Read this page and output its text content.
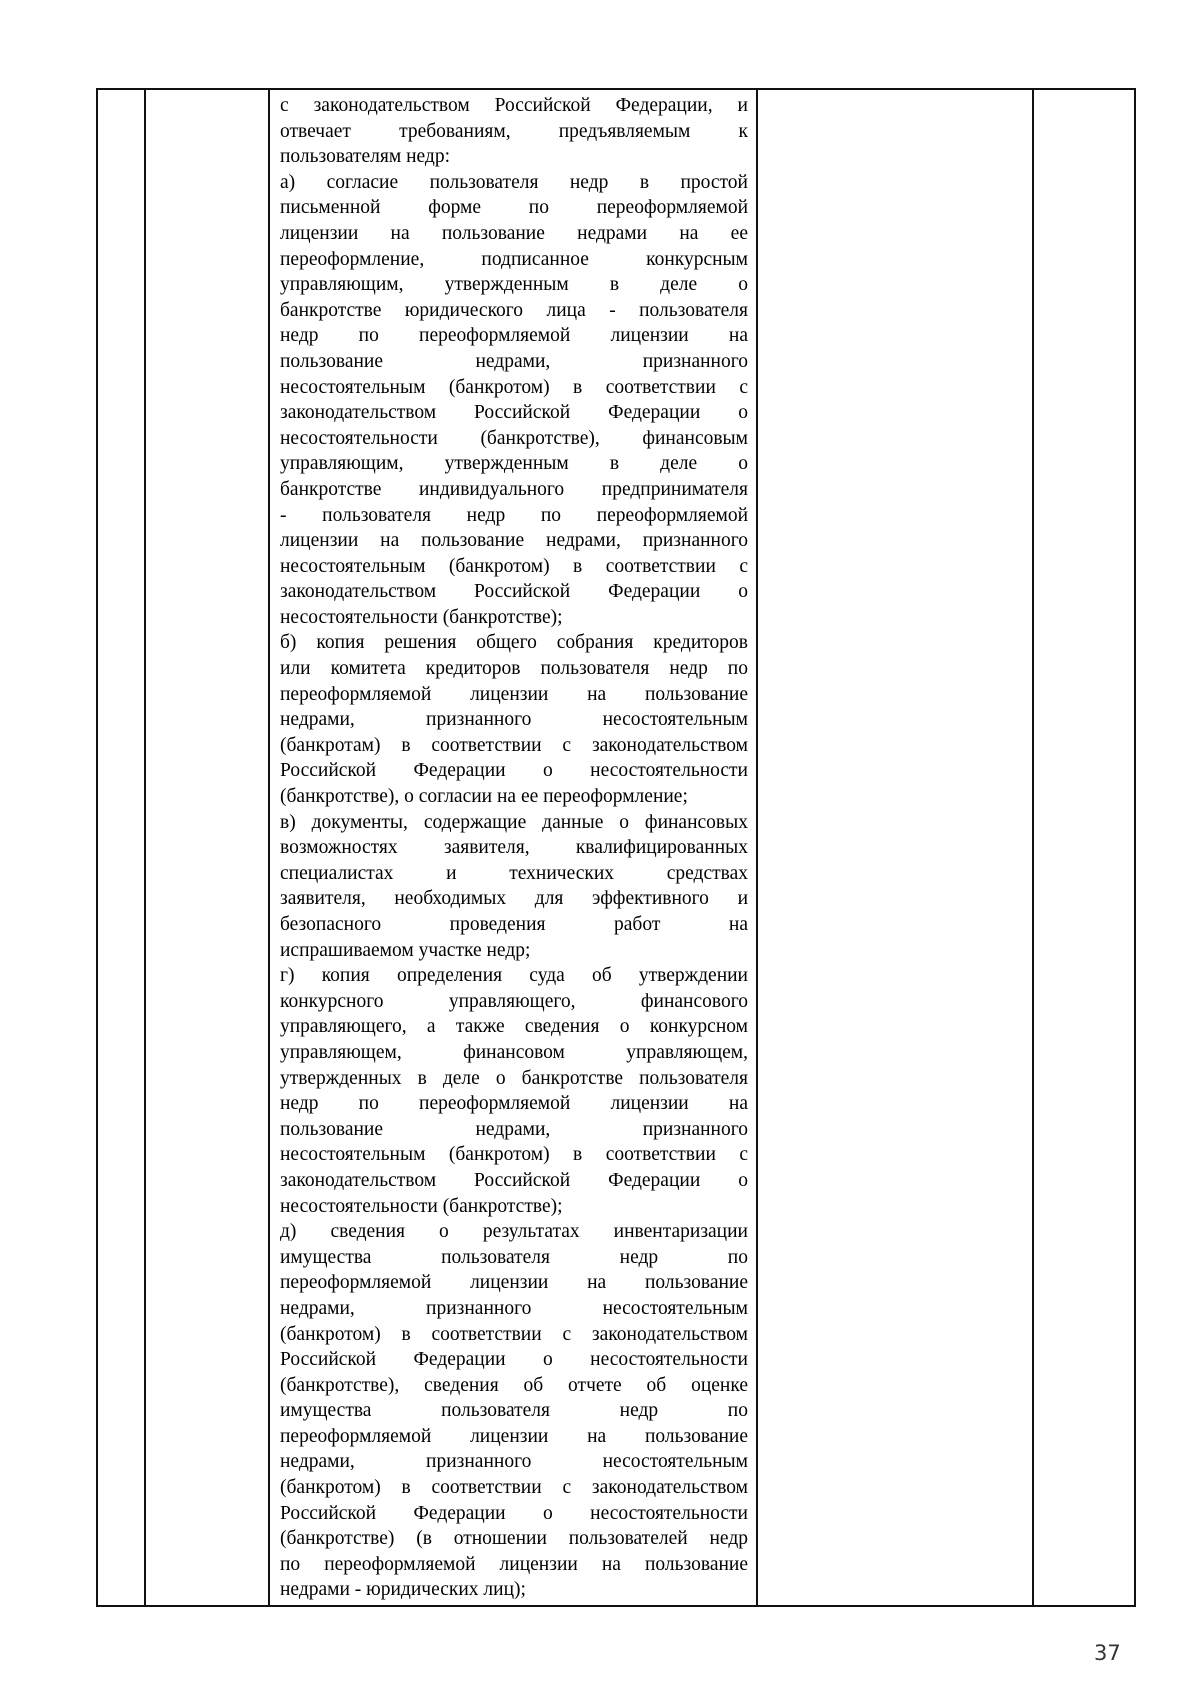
с законодательством Российской Федерации, и

отвечает требованиям, предъявляемым к

пользователям недр:

а) согласие пользователя недр в простой

письменной форме по переоформляемой

лицензии на пользование недрами на ее

переоформление, подписанное конкурсным

управляющим, утвержденным в деле о

банкротстве юридического лица - пользователя

недр по переоформляемой лицензии на

пользование недрами, признанного

несостоятельным (банкротом) в соответствии с

законодательством Российской Федерации о

несостоятельности (банкротстве), финансовым

управляющим, утвержденным в деле о

банкротстве индивидуального предпринимателя

- пользователя недр по переоформляемой

лицензии на пользование недрами, признанного

несостоятельным (банкротом) в соответствии с

законодательством Российской Федерации о

несостоятельности (банкротстве);

б) копия решения общего собрания кредиторов

или комитета кредиторов пользователя недр по

переоформляемой лицензии на пользование

недрами, признанного несостоятельным

(банкротам) в соответствии с законодательством

Российской Федерации о несостоятельности

(банкротстве), о согласии на ее переоформление;

в) документы, содержащие данные о финансовых

возможностях заявителя, квалифицированных

специалистах и технических средствах

заявителя, необходимых для эффективного и

безопасного проведения работ на

испрашиваемом участке недр;

г) копия определения суда об утверждении

конкурсного управляющего, финансового

управляющего, а также сведения о конкурсном

управляющем, финансовом управляющем,

утвержденных в деле о банкротстве пользователя

недр по переоформляемой лицензии на

пользование недрами, признанного

несостоятельным (банкротом) в соответствии с

законодательством Российской Федерации о

несостоятельности (банкротстве);

д) сведения о результатах инвентаризации

имущества пользователя недр по

переоформляемой лицензии на пользование

недрами, признанного несостоятельным

(банкротом) в соответствии с законодательством

Российской Федерации о несостоятельности

(банкротстве), сведения об отчете об оценке

имущества пользователя недр по

переоформляемой лицензии на пользование

недрами, признанного несостоятельным

(банкротом) в соответствии с законодательством

Российской Федерации о несостоятельности

(банкротстве) (в отношении пользователей недр

по переоформляемой лицензии на пользование

недрами - юридических лиц);

37
